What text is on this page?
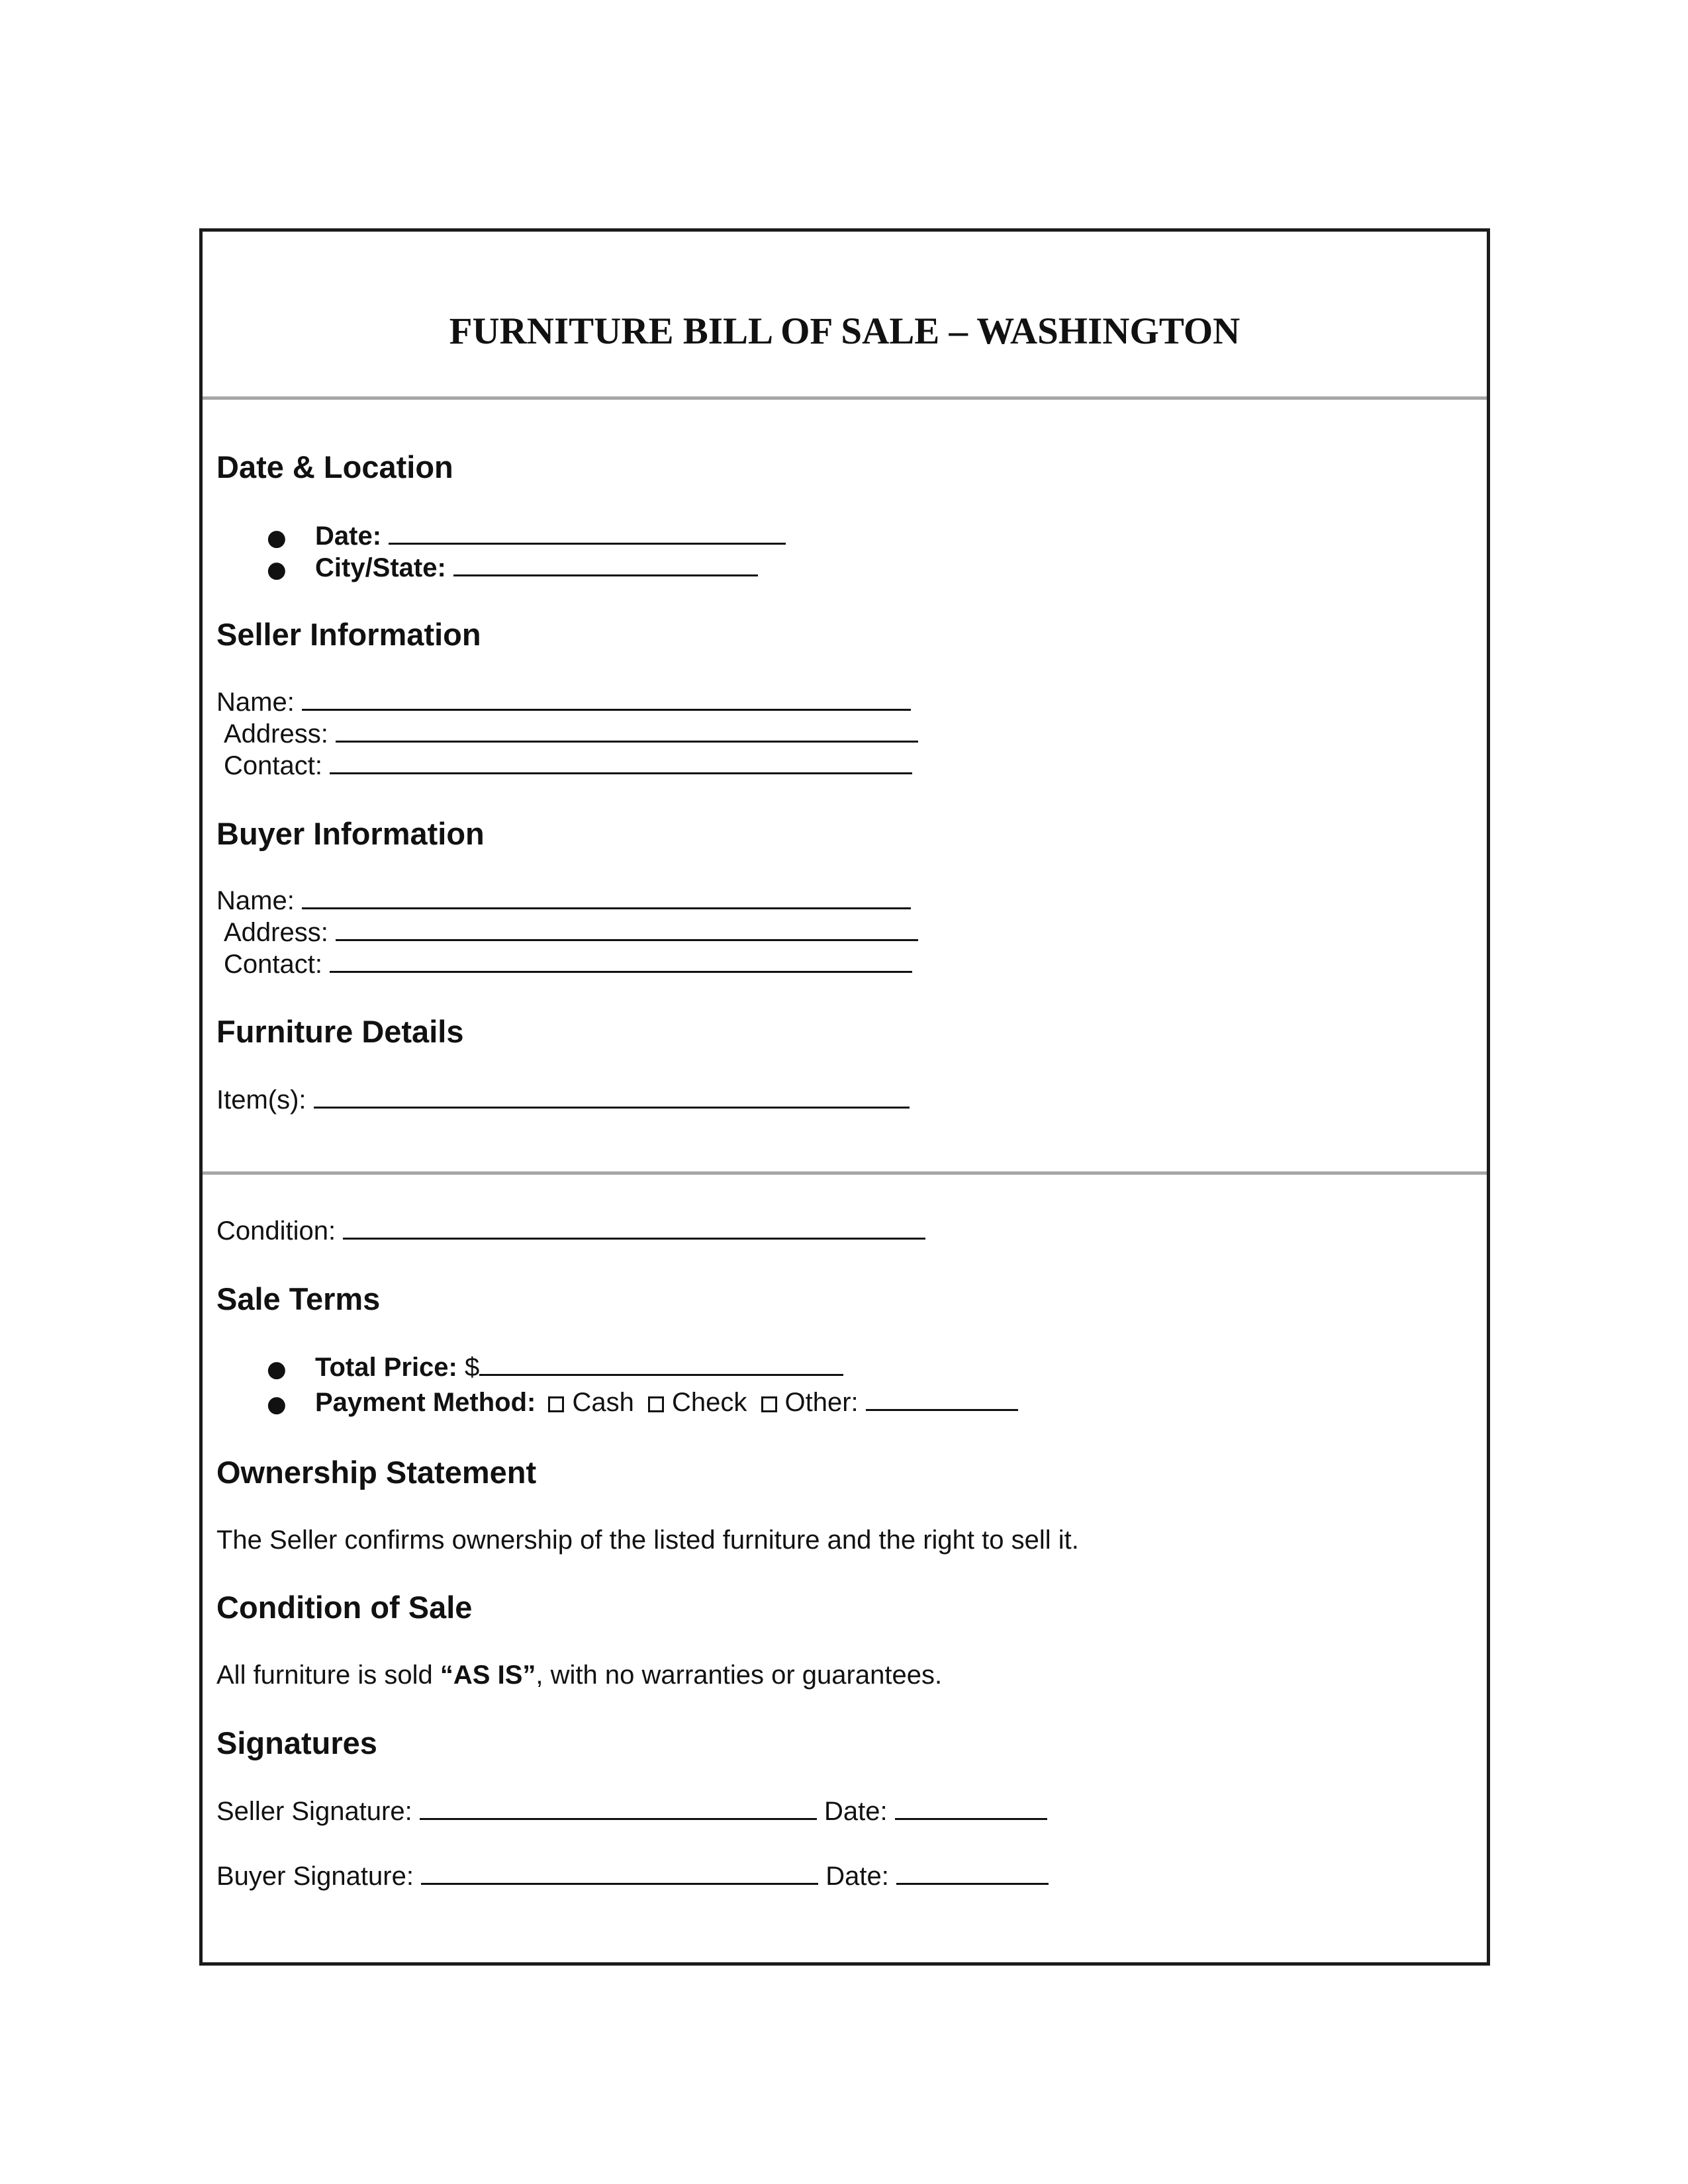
FURNITURE BILL OF SALE – WASHINGTON
Date & Location
● Date:
● City/State:
Seller Information
Name:
Address:
Contact:
Buyer Information
Name:
Address:
Contact:
Furniture Details
Item(s):
Condition:
Sale Terms
● Total Price: $
● Payment Method: Cash Check Other:
Ownership Statement
The Seller confirms ownership of the listed furniture and the right to sell it.
Condition of Sale
All furniture is sold “AS IS”, with no warranties or guarantees.
Signatures
Seller Signature:	Date:
Buyer Signature:	Date:
